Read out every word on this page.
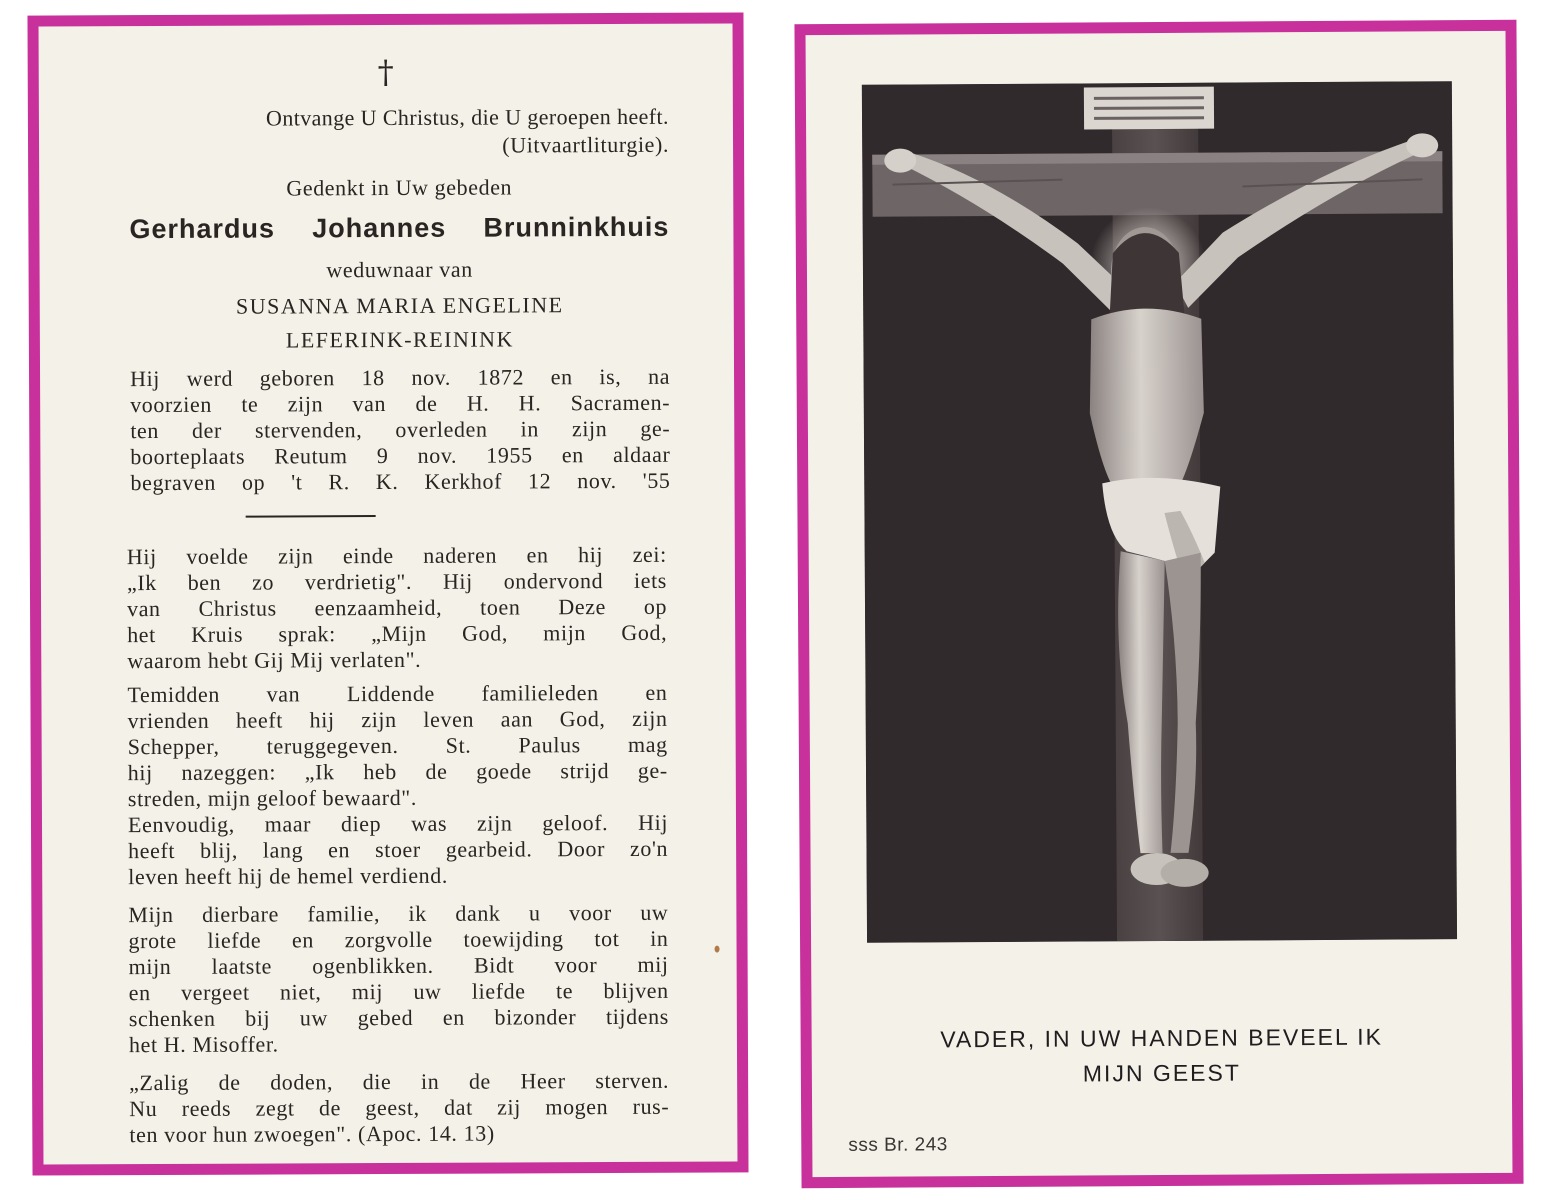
†
Ontvange U Christus, die U geroepen heeft.
(Uitvaartliturgie).
Gedenkt in Uw gebeden
Gerhardus Johannes Brunninkhuis
weduwnaar van
SUSANNA MARIA ENGELINE
LEFERINK-REININK
Hij werd geboren 18 nov. 1872 en is, na
voorzien te zijn van de H. H. Sacramen-
ten der stervenden, overleden in zijn ge-
boorteplaats Reutum 9 nov. 1955 en aldaar
begraven op 't R. K. Kerkhof 12 nov. '55
Hij voelde zijn einde naderen en hij zei:
„Ik ben zo verdrietig". Hij ondervond iets
van Christus eenzaamheid, toen Deze op
het Kruis sprak: „Mijn God, mijn God,
waarom hebt Gij Mij verlaten".
Temidden van Liddende familieleden en
vrienden heeft hij zijn leven aan God, zijn
Schepper, teruggegeven. St. Paulus mag
hij nazeggen: „Ik heb de goede strijd ge-
streden, mijn geloof bewaard".
Eenvoudig, maar diep was zijn geloof. Hij
heeft blij, lang en stoer gearbeid. Door zo'n
leven heeft hij de hemel verdiend.
Mijn dierbare familie, ik dank u voor uw
grote liefde en zorgvolle toewijding tot in
mijn laatste ogenblikken. Bidt voor mij
en vergeet niet, mij uw liefde te blijven
schenken bij uw gebed en bizonder tijdens
het H. Misoffer.
„Zalig de doden, die in de Heer sterven.
Nu reeds zegt de geest, dat zij mogen rus-
ten voor hun zwoegen". (Apoc. 14. 13)
VADER, IN UW HANDEN BEVEEL IK
MIJN GEEST
sss Br. 243
